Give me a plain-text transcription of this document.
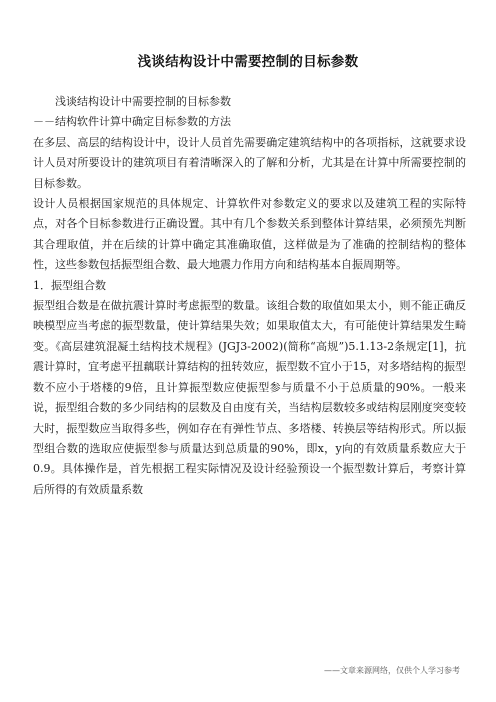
浅谈结构设计中需要控制的目标参数

浅谈结构设计中需要控制的目标参数

－－结构软件计算中确定目标参数的方法

在多层、高层的结构设计中，设计人员首先需要确定建筑结构中的各项指标，这就要求设计人员对所要设计的建筑项目有着清晰深入的了解和分析，尤其是在计算中所需要控制的目标参数。

设计人员根据国家规范的具体规定、计算软件对参数定义的要求以及建筑工程的实际特点，对各个目标参数进行正确设置。其中有几个参数关系到整体计算结果，必须预先判断其合理取值，并在后续的计算中确定其准确取值，这样做是为了准确的控制结构的整体性，这些参数包括振型组合数、最大地震力作用方向和结构基本自振周期等。

1．振型组合数

振型组合数是在做抗震计算时考虑振型的数量。该组合数的取值如果太小，则不能正确反映模型应当考虑的振型数量，使计算结果失效；如果取值太大，有可能使计算结果发生畸变。《高层建筑混凝土结构技术规程》(JGJ3-2002)(简称“高规”)5.1.13-2条规定[1]，抗震计算时，宜考虑平扭藕联计算结构的扭转效应，振型数不宜小于15，对多塔结构的振型数不应小于塔楼的9倍，且计算振型数应使振型参与质量不小于总质量的90%。一般来说，振型组合数的多少同结构的层数及自由度有关，当结构层数较多或结构层刚度突变较大时，振型数应当取得多些，例如存在有弹性节点、多塔楼、转换层等结构形式。所以振型组合数的选取应使振型参与质量达到总质量的90%，即x，y向的有效质量系数应大于0.9。具体操作是，首先根据工程实际情况及设计经验预设一个振型数计算后，考察计算后所得的有效质量系数

——文章来源网络，仅供个人学习参考
